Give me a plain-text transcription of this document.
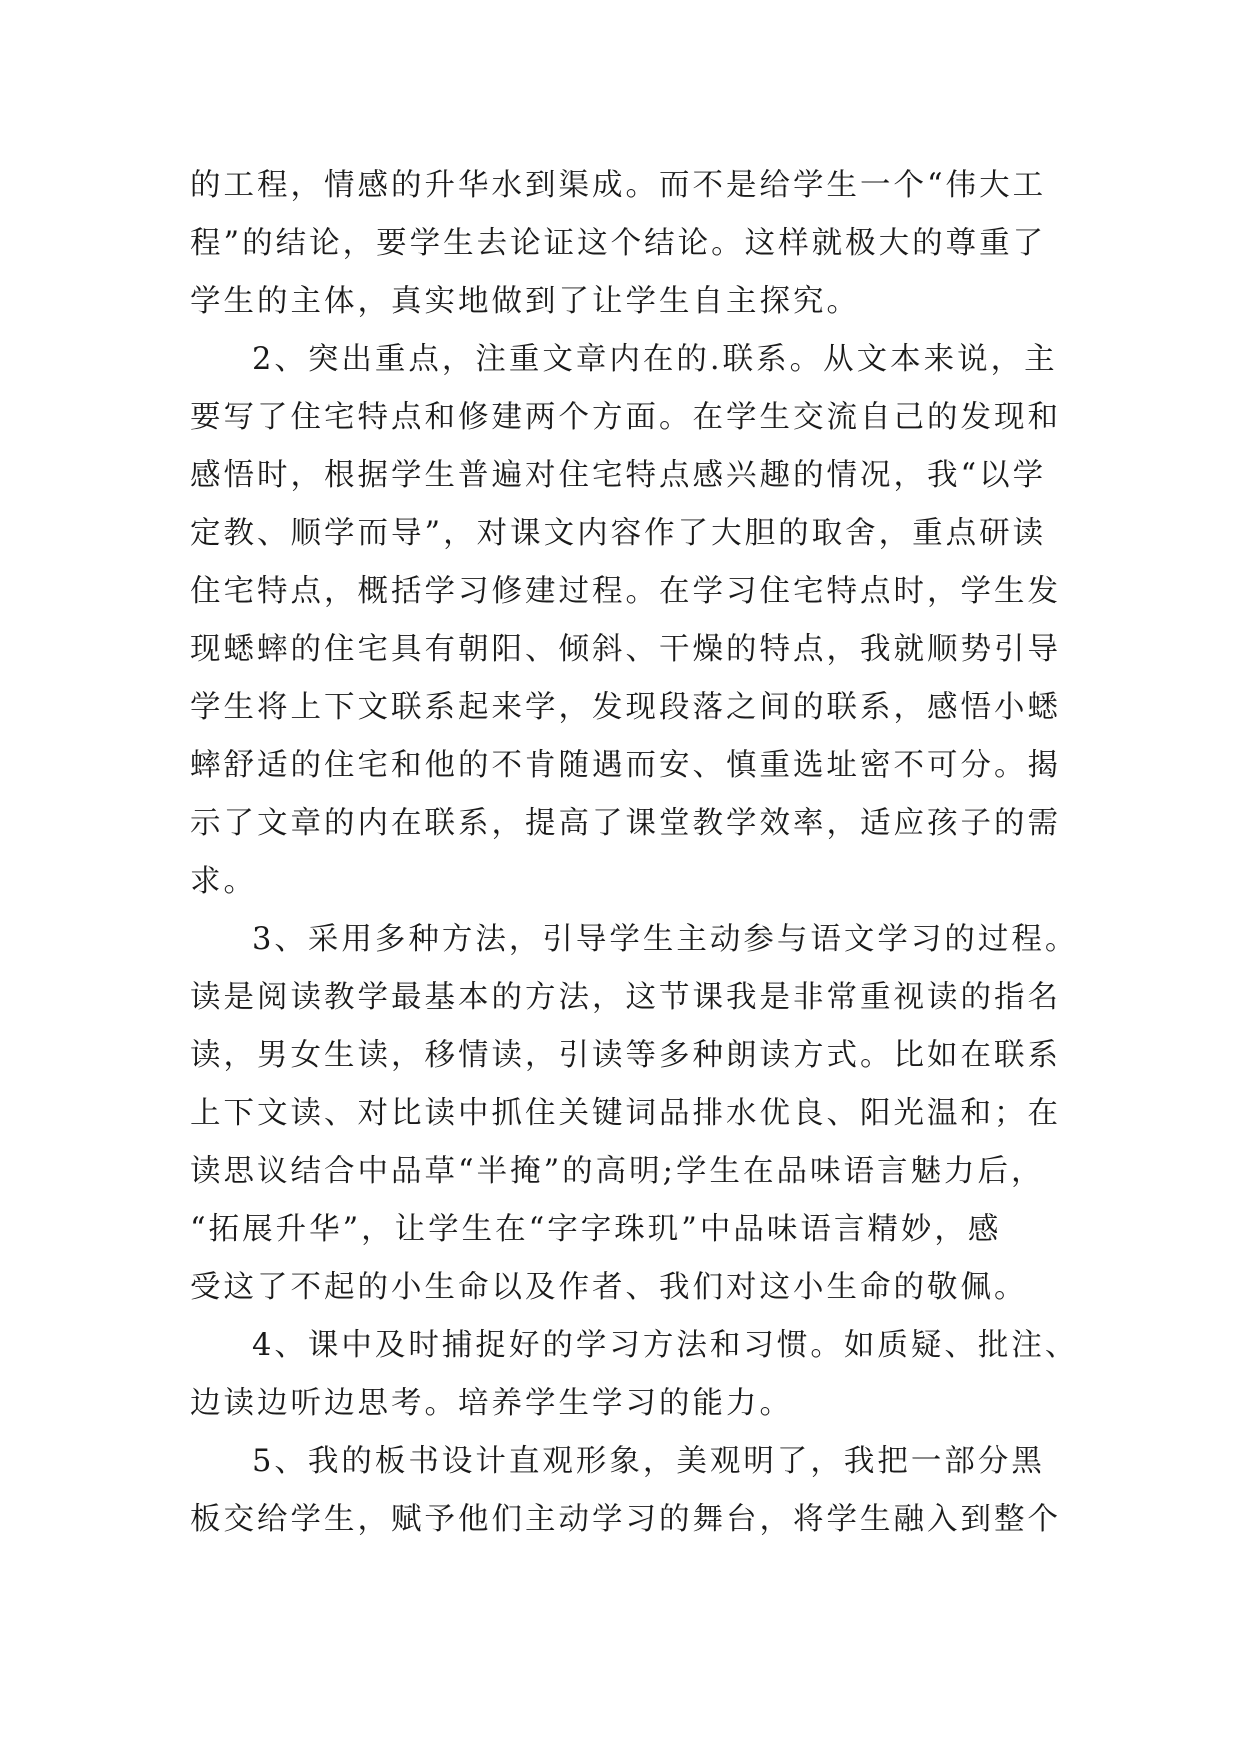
的工程，情感的升华水到渠成。而不是给学生一个“伟大工
程”的结论，要学生去论证这个结论。这样就极大的尊重了
学生的主体，真实地做到了让学生自主探究。
2、突出重点，注重文章内在的.联系。从文本来说，主
要写了住宅特点和修建两个方面。在学生交流自己的发现和
感悟时，根据学生普遍对住宅特点感兴趣的情况，我“以学
定教、顺学而导”，对课文内容作了大胆的取舍，重点研读
住宅特点，概括学习修建过程。在学习住宅特点时，学生发
现蟋蟀的住宅具有朝阳、倾斜、干燥的特点，我就顺势引导
学生将上下文联系起来学，发现段落之间的联系，感悟小蟋
蟀舒适的住宅和他的不肯随遇而安、慎重选址密不可分。揭
示了文章的内在联系，提高了课堂教学效率，适应孩子的需
求。
3、采用多种方法，引导学生主动参与语文学习的过程。
读是阅读教学最基本的方法，这节课我是非常重视读的指名
读，男女生读，移情读，引读等多种朗读方式。比如在联系
上下文读、对比读中抓住关键词品排水优良、阳光温和；在
读思议结合中品草“半掩”的高明;学生在品味语言魅力后，
“拓展升华”，让学生在“字字珠玑”中品味语言精妙，感
受这了不起的小生命以及作者、我们对这小生命的敬佩。
4、课中及时捕捉好的学习方法和习惯。如质疑、批注、
边读边听边思考。培养学生学习的能力。
5、我的板书设计直观形象，美观明了，我把一部分黑
板交给学生，赋予他们主动学习的舞台，将学生融入到整个
